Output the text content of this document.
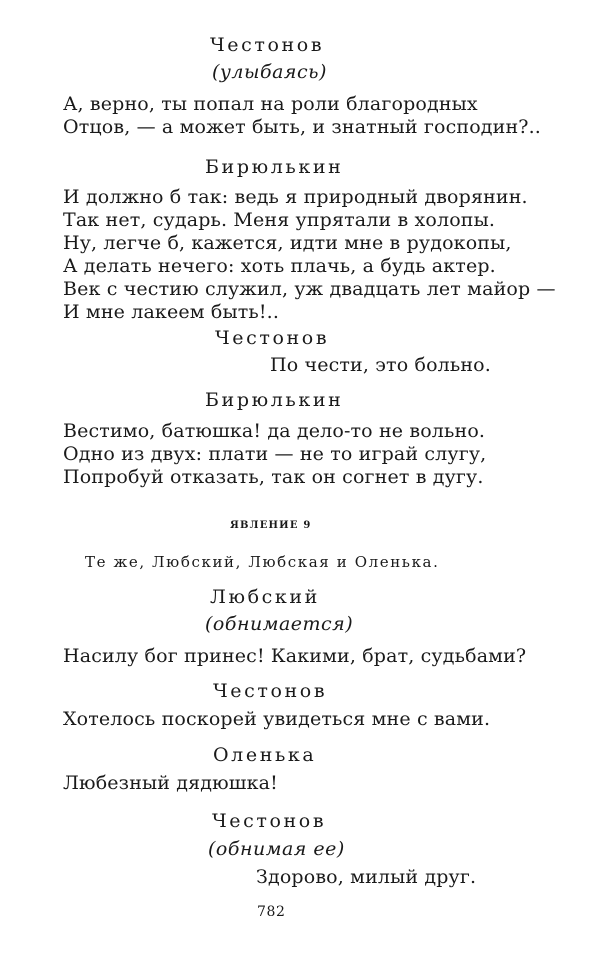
Честонов

(улыбаясь)

А, верно, ты попал на роли благородных

Отцов, — а может быть, и знатный господин?..

Бирюлькин

И должно б так: ведь я природный дворянин.

Так нет, сударь. Меня упрятали в холопы.

Ну, легче б, кажется, идти мне в рудокопы,

А делать нечего: хоть плачь, а будь актер.

Век с честию служил, уж двадцать лет майор —

И мне лакеем быть!..

Честонов

По чести, это больно.

Бирюлькин

Вестимо, батюшка! да дело-то не вольно.

Одно из двух: плати — не то играй слугу,

Попробуй отказать, так он согнет в дугу.

ЯВЛЕНИЕ 9

Те же, Любский, Любская и Оленька.

Любский

(обнимается)

Насилу бог принес! Какими, брат, судьбами?

Честонов

Хотелось поскорей увидеться мне с вами.

Оленька

Любезный дядюшка!

Честонов

(обнимая ее)

Здорово, милый друг.

782
